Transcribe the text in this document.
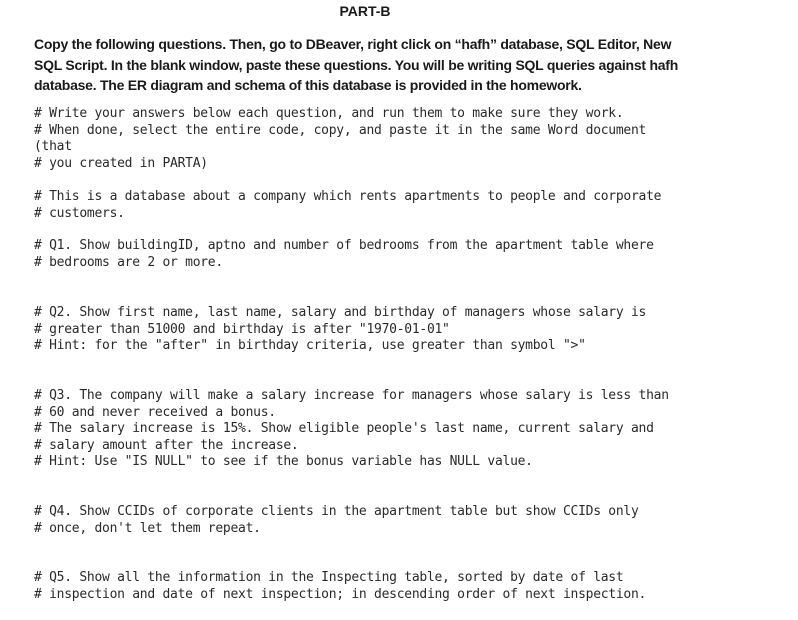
PART-B
Copy the following questions. Then, go to DBeaver, right click on “hafh” database, SQL Editor, New
SQL Script. In the blank window, paste these questions. You will be writing SQL queries against hafh
database. The ER diagram and schema of this database is provided in the homework.
# Write your answers below each question, and run them to make sure they work.
# When done, select the entire code, copy, and paste it in the same Word document
(that
# you created in PARTA)
# This is a database about a company which rents apartments to people and corporate
# customers.
# Q1. Show buildingID, aptno and number of bedrooms from the apartment table where
# bedrooms are 2 or more.
# Q2. Show first name, last name, salary and birthday of managers whose salary is
# greater than 51000 and birthday is after "1970-01-01"
# Hint: for the "after" in birthday criteria, use greater than symbol ">"
# Q3. The company will make a salary increase for managers whose salary is less than
# 60 and never received a bonus.
# The salary increase is 15%. Show eligible people's last name, current salary and
# salary amount after the increase.
# Hint: Use "IS NULL" to see if the bonus variable has NULL value.
# Q4. Show CCIDs of corporate clients in the apartment table but show CCIDs only
# once, don't let them repeat.
# Q5. Show all the information in the Inspecting table, sorted by date of last
# inspection and date of next inspection; in descending order of next inspection.
